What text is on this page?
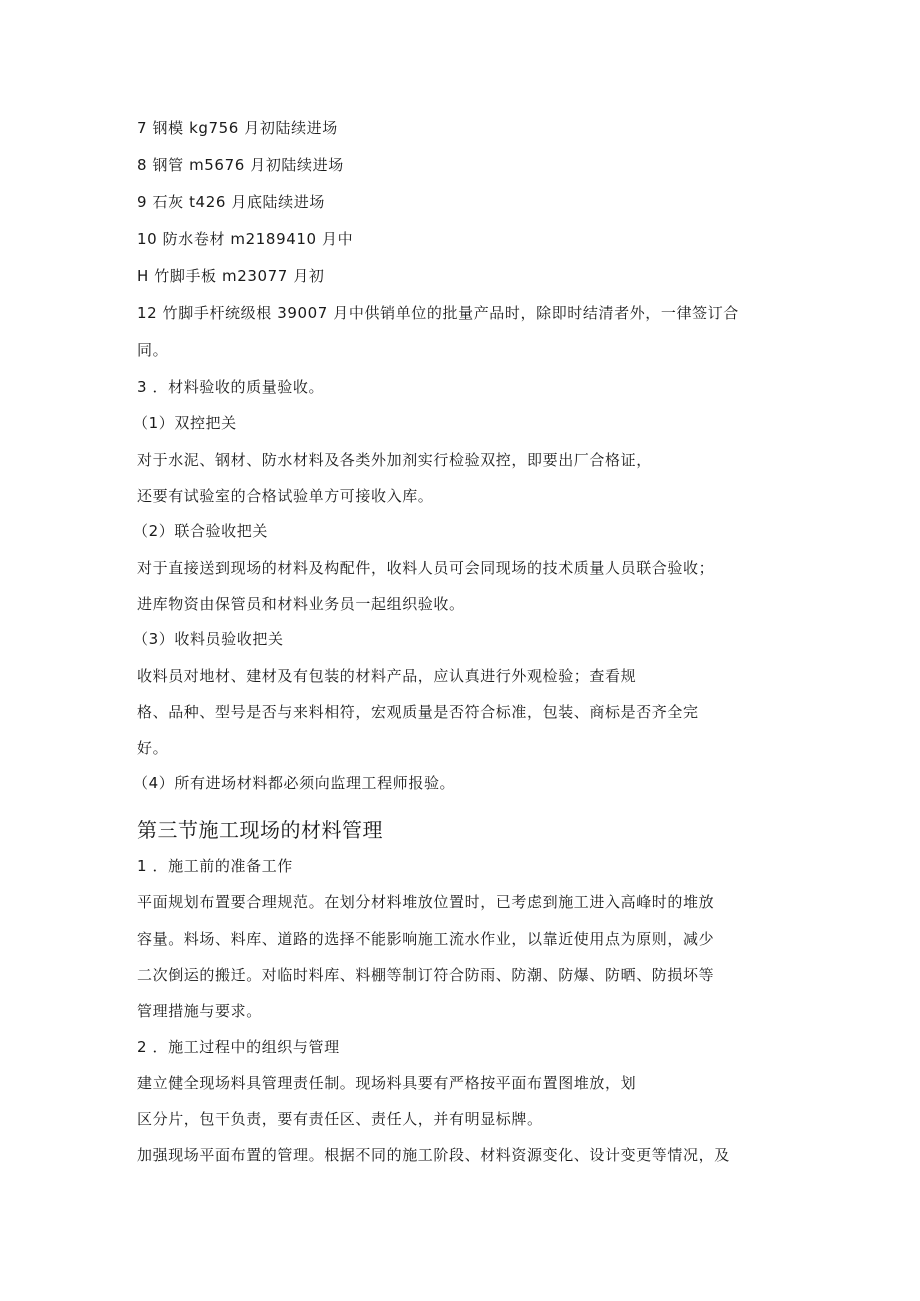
7 钢模 kg756 月初陆续进场
8 钢管 m5676 月初陆续进场
9 石灰 t426 月底陆续进场
10 防水卷材 m2189410 月中
H 竹脚手板 m23077 月初
12 竹脚手杆统级根 39007 月中供销单位的批量产品时，除即时结清者外，一律签订合
同。
3 ．材料验收的质量验收。
（1）双控把关
对于水泥、钢材、防水材料及各类外加剂实行检验双控，即要出厂合格证，
还要有试验室的合格试验单方可接收入库。
（2）联合验收把关
对于直接送到现场的材料及构配件，收料人员可会同现场的技术质量人员联合验收；
进库物资由保管员和材料业务员一起组织验收。
（3）收料员验收把关
收料员对地材、建材及有包装的材料产品，应认真进行外观检验；查看规
格、品种、型号是否与来料相符，宏观质量是否符合标准，包装、商标是否齐全完
好。
（4）所有进场材料都必须向监理工程师报验。
第三节施工现场的材料管理
1 ．施工前的准备工作
平面规划布置要合理规范。在划分材料堆放位置时，已考虑到施工进入高峰时的堆放
容量。料场、料库、道路的选择不能影响施工流水作业，以靠近使用点为原则，减少
二次倒运的搬迁。对临时料库、料棚等制订符合防雨、防潮、防爆、防晒、防损坏等
管理措施与要求。
2 ．施工过程中的组织与管理
建立健全现场料具管理责任制。现场料具要有严格按平面布置图堆放，划
区分片，包干负责，要有责任区、责任人，并有明显标牌。
加强现场平面布置的管理。根据不同的施工阶段、材料资源变化、设计变更等情况，及
